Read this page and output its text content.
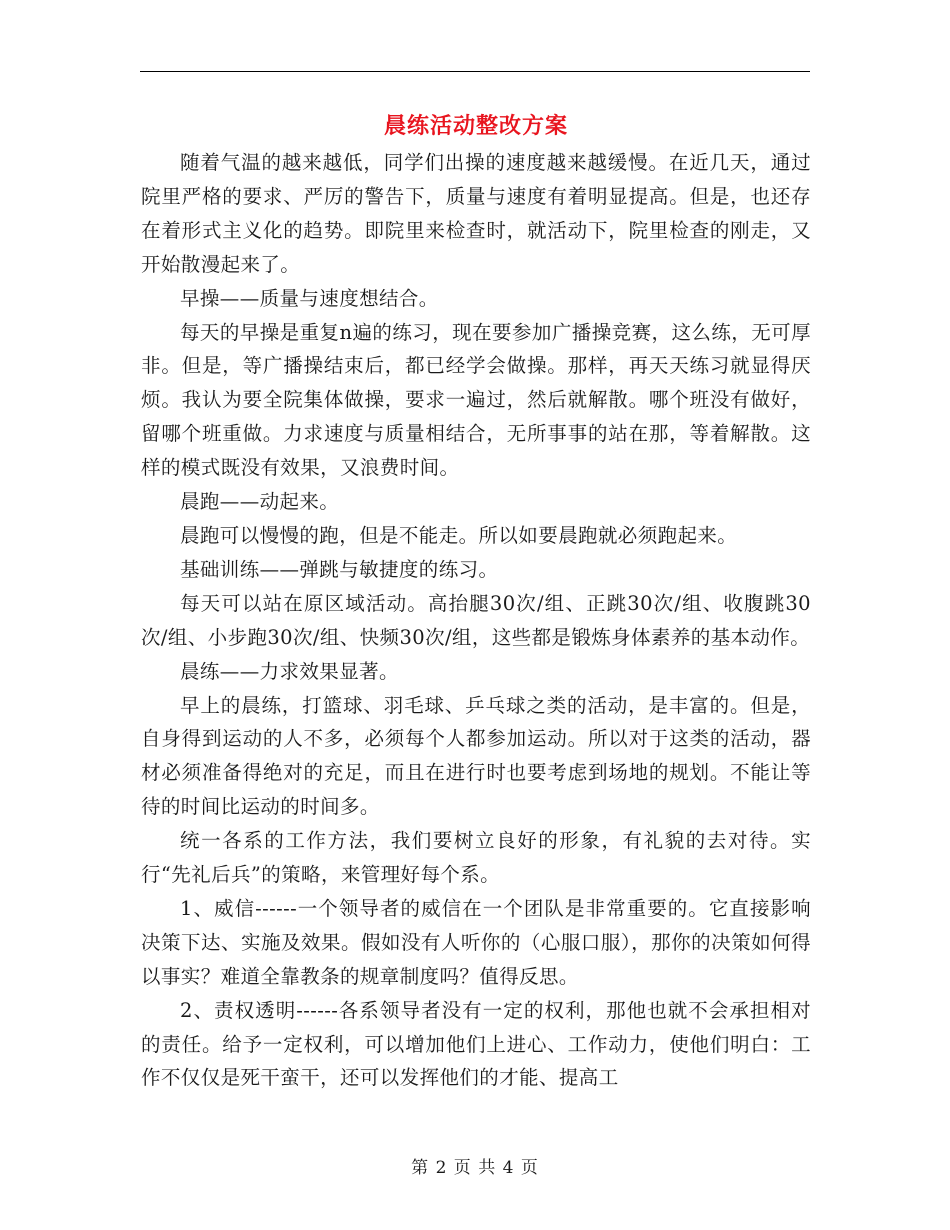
晨练活动整改方案

随着气温的越来越低，同学们出操的速度越来越缓慢。在近几天，通过院里严格的要求、严厉的警告下，质量与速度有着明显提高。但是，也还存在着形式主义化的趋势。即院里来检查时，就活动下，院里检查的刚走，又开始散漫起来了。

早操——质量与速度想结合。

每天的早操是重复n遍的练习，现在要参加广播操竞赛，这么练，无可厚非。但是，等广播操结束后，都已经学会做操。那样，再天天练习就显得厌烦。我认为要全院集体做操，要求一遍过，然后就解散。哪个班没有做好，留哪个班重做。力求速度与质量相结合，无所事事的站在那，等着解散。这样的模式既没有效果，又浪费时间。

晨跑——动起来。

晨跑可以慢慢的跑，但是不能走。所以如要晨跑就必须跑起来。

基础训练——弹跳与敏捷度的练习。

每天可以站在原区域活动。高抬腿30次/组、正跳30次/组、收腹跳30次/组、小步跑30次/组、快频30次/组，这些都是锻炼身体素养的基本动作。

晨练——力求效果显著。

早上的晨练，打篮球、羽毛球、乒乓球之类的活动，是丰富的。但是，自身得到运动的人不多，必须每个人都参加运动。所以对于这类的活动，器材必须准备得绝对的充足，而且在进行时也要考虑到场地的规划。不能让等待的时间比运动的时间多。

统一各系的工作方法，我们要树立良好的形象，有礼貌的去对待。实行“先礼后兵”的策略，来管理好每个系。

1、威信------一个领导者的威信在一个团队是非常重要的。它直接影响决策下达、实施及效果。假如没有人听你的（心服口服），那你的决策如何得以事实？难道全靠教条的规章制度吗？值得反思。

2、责权透明------各系领导者没有一定的权利，那他也就不会承担相对的责任。给予一定权利，可以增加他们上进心、工作动力，使他们明白：工作不仅仅是死干蛮干，还可以发挥他们的才能、提高工

第 2 页 共 4 页
